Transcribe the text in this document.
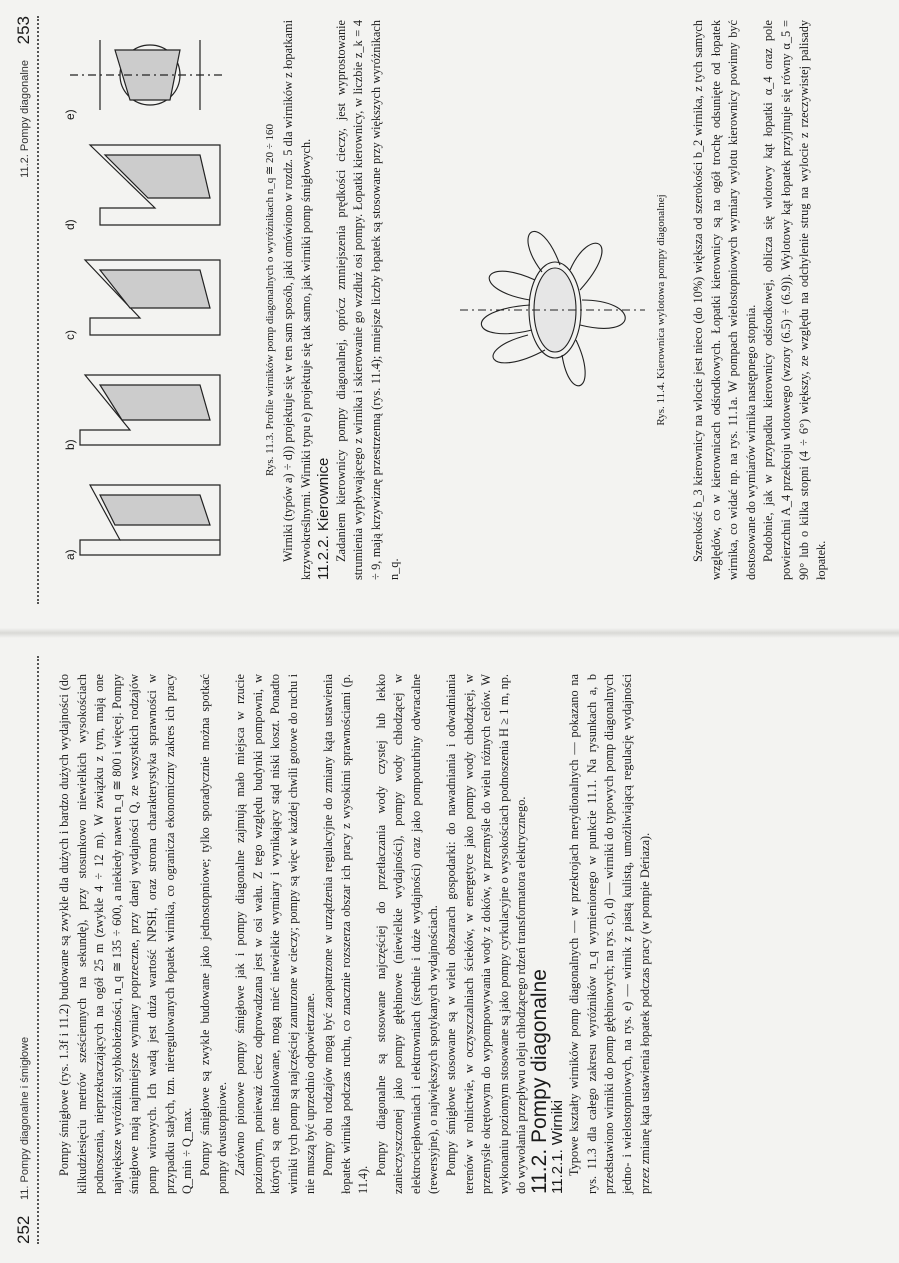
252
11. Pompy diagonalne i śmigłowe Pompy śmigłowe (rys. 1.3f i 11.2) budowane są zwykle dla dużych i bardzo dużych wydajności (do kilkudziesięciu metrów sześciennych na sekundę), przy stosunkowo niewielkich wysokościach podnoszenia, nieprzekraczających na ogół 25 m (zwykle 4 ÷ 12 m). W związku z tym, mają one największe wyróżniki szybkobieżności, n_q ≅ 135 ÷ 600, a niekiedy nawet n_q ≅ 800 i więcej. Pompy śmigłowe mają najmniejsze wymiary poprzeczne, przy danej wydajności Q, ze wszystkich rodzajów pomp wirowych. Ich wadą jest duża wartość NPSH, oraz stroma charakterystyka sprawności w przypadku stałych, tzn. nieregulowanych łopatek wirnika, co ogranicza ekonomiczny zakres ich pracy Q_min ÷ Q_max. Pompy śmigłowe są zwykle budowane jako jednostopniowe; tylko sporadycznie można spotkać pompy dwustopniowe. Zarówno pionowe pompy śmigłowe jak i pompy diagonalne zajmują mało miejsca w rzucie poziomym, ponieważ ciecz odprowadzana jest w osi wału. Z tego względu budynki pompowni, w których są one instalowane, mogą mieć niewielkie wymiary i wynikający stąd niski koszt. Ponadto wirniki tych pomp są najczęściej zanurzone w cieczy; pompy są więc w każdej chwili gotowe do ruchu i nie muszą być uprzednio odpowietrzane. Pompy obu rodzajów mogą być zaopatrzone w urządzenia regulacyjne do zmiany kąta ustawienia łopatek wirnika podczas ruchu, co znacznie rozszerza obszar ich pracy z wysokimi sprawnościami (p. 11.4).

Pompy diagonalne są stosowane najczęściej do przetłaczania wody czystej lub lekko zanieczyszczonej jako pompy głębinowe (niewielkie wydajności), pompy wody chłodzącej w elektrociepłowniach i elektrowniach (średnie i duże wydajności) oraz jako pompoturbiny odwracalne (rewersyjne), o największych spotykanych wydajnościach. Pompy śmigłowe stosowane są w wielu obszarach gospodarki: do nawadniania i odwadniania terenów w rolnictwie, w oczyszczalniach ścieków, w energetyce jako pompy wody chłodzącej, w przemyśle okrętowym do wypompowywania wody z doków, w przemyśle do wielu różnych celów. W wykonaniu poziomym stosowane są jako pompy cyrkulacyjne o wysokościach podnoszenia H ≥ 1 m, np. do wywołania przepływu oleju chłodzącego rdzeń transformatora elektrycznego. 11.2. Pompy diagonalne

11.2.1. Wirniki Typowe kształty wirników pomp diagonalnych — w przekrojach merydionalnych — pokazano na rys. 11.3 dla całego zakresu wyróżników n_q wymienionego w punkcie 11.1. Na rysunkach a, b przedstawiono wirniki do pomp głębinowych; na rys. c), d) — wirniki do typowych pomp diagonalnych jedno- i wielostopniowych, na rys. e) — wirnik z piastą kulistą, umożliwiającą regulację wydajności przez zmianę kąta ustawienia łopatek podczas pracy (w pompie Dériaza).

11.2. Pompy diagonalne
253
a)
b)
c)
d)
e)
Rys. 11.3. Profile wirników pomp diagonalnych o wyróżnikach n_q ≅ 20 ÷ 160 Wirniki (typów a) ÷ d)) projektuje się w ten sam sposób, jaki omówiono w rozdz. 5 dla wirników z łopatkami krzywokreślnymi. Wirniki typu e) projektuje się tak samo, jak wirniki pomp śmigłowych. 11.2.2. Kierownice Zadaniem kierownicy pompy diagonalnej, oprócz zmniejszenia prędkości cieczy, jest wyprostowanie strumienia wypływającego z wirnika i skierowanie go wzdłuż osi pompy. Łopatki kierownicy, w liczbie z_k = 4 ÷ 9, mają krzywiznę przestrzenną (rys. 11.4); mniejsze liczby łopatek są stosowane przy większych wyróżnikach n_q.

Rys. 11.4. Kierownica wylotowa pompy diagonalnej Szerokość b_3 kierownicy na wlocie jest nieco (do 10%) większa od szerokości b_2 wirnika, z tych samych względów, co w kierownicach odśrodkowych. Łopatki kierownicy są na ogół trochę odsunięte od łopatek wirnika, co widać np. na rys. 11.1a. W pompach wielostopniowych wymiary wylotu kierownicy powinny być dostosowane do wymiarów wirnika następnego stopnia. Podobnie, jak w przypadku kierownicy odśrodkowej, oblicza się wlotowy kąt łopatki α_4 oraz pole powierzchni A_4 przekroju wlotowego (wzory (6.5) ÷ (6.9)). Wylotowy kąt łopatek przyjmuje się równy α_5 = 90° lub o kilka stopni (4 ÷ 6°) większy, ze względu na odchylenie strug na wylocie z rzeczywistej palisady łopatek.
